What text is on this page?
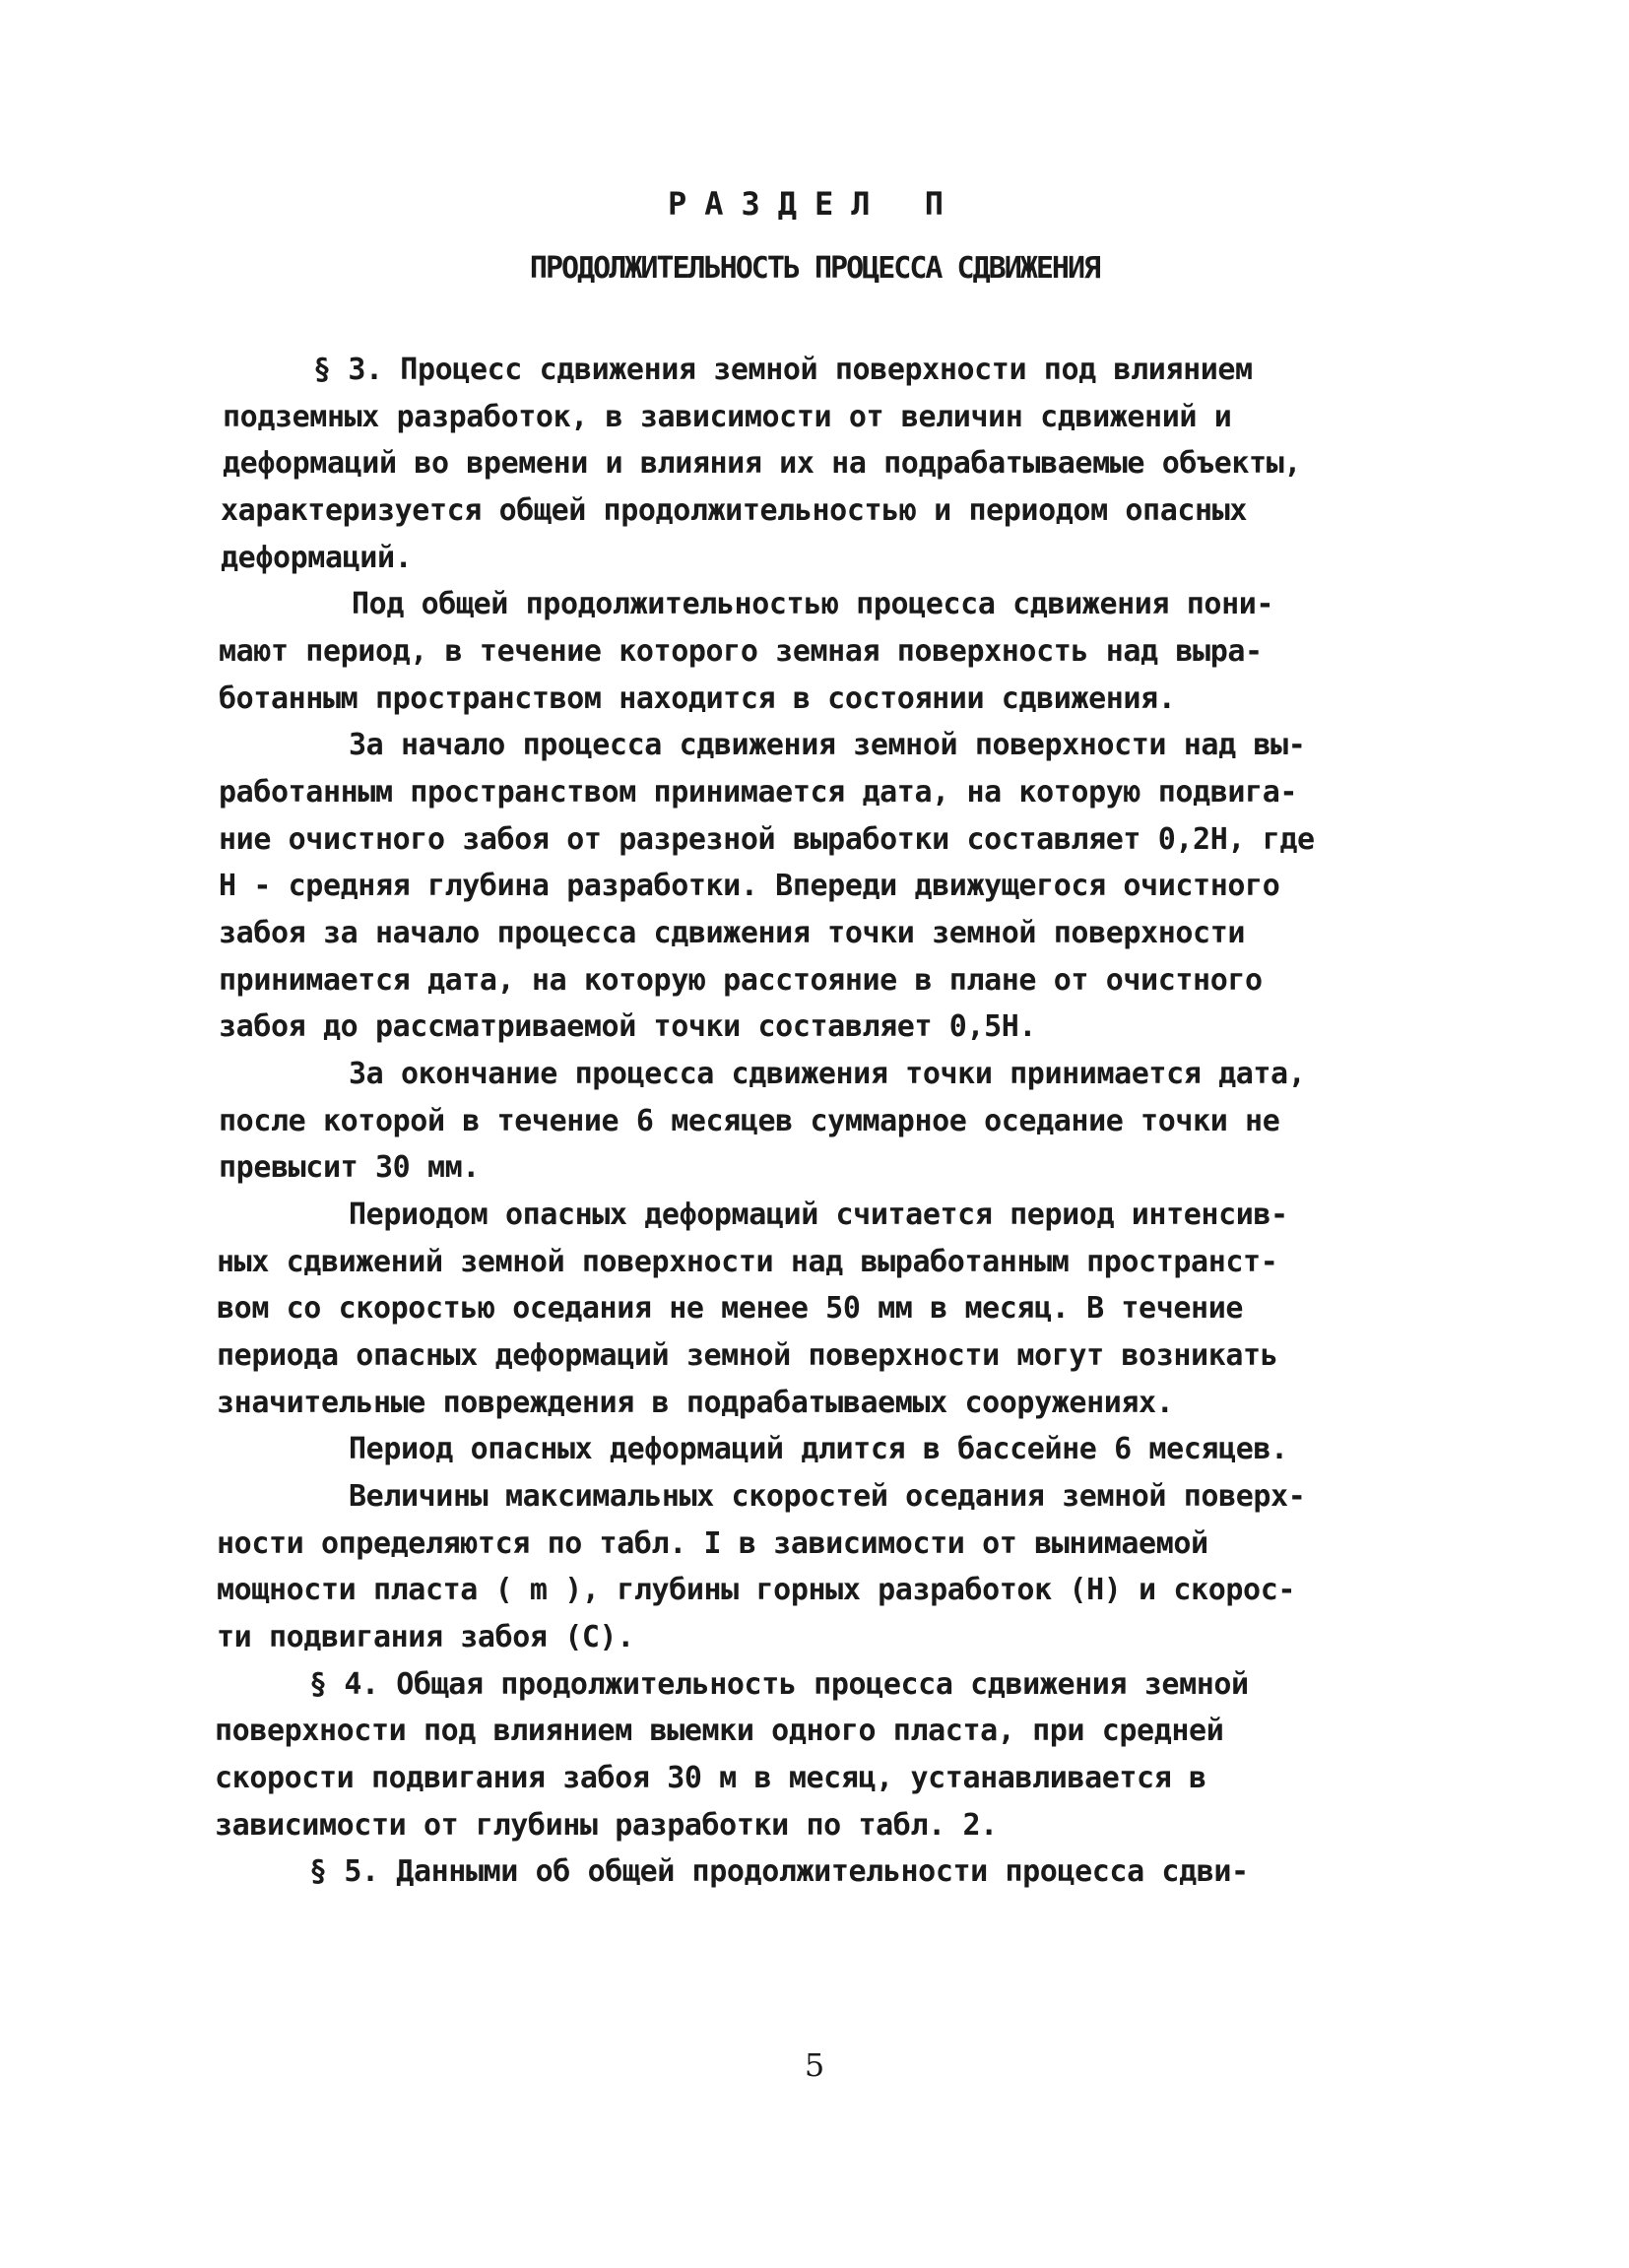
РАЗДЕЛ П
ПРОДОЛЖИТЕЛЬНОСТЬ ПРОЦЕССА СДВИЖЕНИЯ
§ 3. Процесс сдвижения земной поверхности под влиянием
подземных разработок, в зависимости от величин сдвижений и
деформаций во времени и влияния их на подрабатываемые объекты,
характеризуется общей продолжительностью и периодом опасных
деформаций.
Под общей продолжительностью процесса сдвижения пони-
мают период, в течение которого земная поверхность над выра-
ботанным пространством находится в состоянии сдвижения.
За начало процесса сдвижения земной поверхности над вы-
работанным пространством принимается дата, на которую подвига-
ние очистного забоя от разрезной выработки составляет 0,2Н, где
Н - средняя глубина разработки. Впереди движущегося очистного
забоя за начало процесса сдвижения точки земной поверхности
принимается дата, на которую расстояние в плане от очистного
забоя до рассматриваемой точки составляет 0,5Н.
За окончание процесса сдвижения точки принимается дата,
после которой в течение 6 месяцев суммарное оседание точки не
превысит 30 мм.
Периодом опасных деформаций считается период интенсив-
ных сдвижений земной поверхности над выработанным пространст-
вом со скоростью оседания не менее 50 мм в месяц. В течение
периода опасных деформаций земной поверхности могут возникать
значительные повреждения в подрабатываемых сооружениях.
Период опасных деформаций длится в бассейне 6 месяцев.
Величины максимальных скоростей оседания земной поверх-
ности определяются по табл. I в зависимости от вынимаемой
мощности пласта ( m ), глубины горных разработок (Н) и скорос-
ти подвигания забоя (С).
§ 4. Общая продолжительность процесса сдвижения земной
поверхности под влиянием выемки одного пласта, при средней
скорости подвигания забоя 30 м в месяц, устанавливается в
зависимости от глубины разработки по табл. 2.
§ 5. Данными об общей продолжительности процесса сдви-
5
